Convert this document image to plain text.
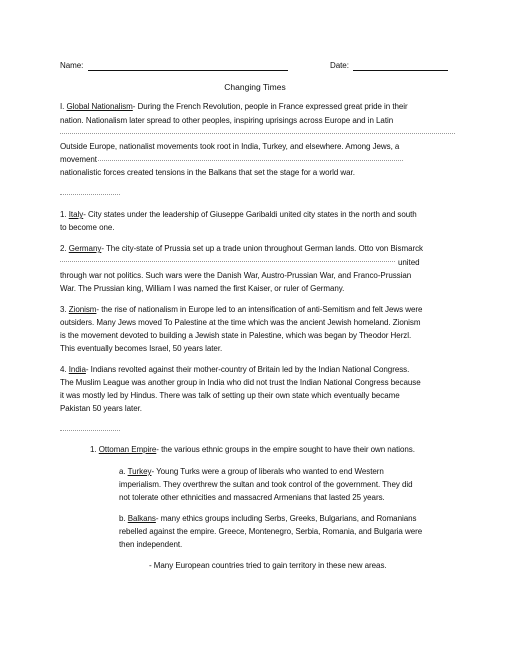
Name:	Date:
Changing Times
I. Global Nationalism- During the French Revolution, people in France expressed great pride in their
nation. Nationalism later spread to other peoples, inspiring uprisings across Europe and in Latin
Outside Europe, nationalist movements took root in India, Turkey, and elsewhere. Among Jews, a
movement
nationalistic forces created tensions in the Balkans that set the stage for a world war.
1. Italy- City states under the leadership of Giuseppe Garibaldi united city states in the north and south
to become one.
2. Germany- The city-state of Prussia set up a trade union throughout German lands. Otto von Bismarck
united
through war not politics. Such wars were the Danish War, Austro-Prussian War, and Franco-Prussian
War. The Prussian king, William I was named the first Kaiser, or ruler of Germany.
3. Zionism- the rise of nationalism in Europe led to an intensification of anti-Semitism and felt Jews were
outsiders. Many Jews moved To Palestine at the time which was the ancient Jewish homeland. Zionism
is the movement devoted to building a Jewish state in Palestine, which was began by Theodor Herzl.
This eventually becomes Israel, 50 years later.
4. India- Indians revolted against their mother-country of Britain led by the Indian National Congress.
The Muslim League was another group in India who did not trust the Indian National Congress because
it was mostly led by Hindus. There was talk of setting up their own state which eventually became
Pakistan 50 years later.
1. Ottoman Empire- the various ethnic groups in the empire sought to have their own nations.
a. Turkey- Young Turks were a group of liberals who wanted to end Western
imperialism. They overthrew the sultan and took control of the government. They did
not tolerate other ethnicities and massacred Armenians that lasted 25 years.
b. Balkans- many ethics groups including Serbs, Greeks, Bulgarians, and Romanians
rebelled against the empire. Greece, Montenegro, Serbia, Romania, and Bulgaria were
then independent.
- Many European countries tried to gain territory in these new areas.
